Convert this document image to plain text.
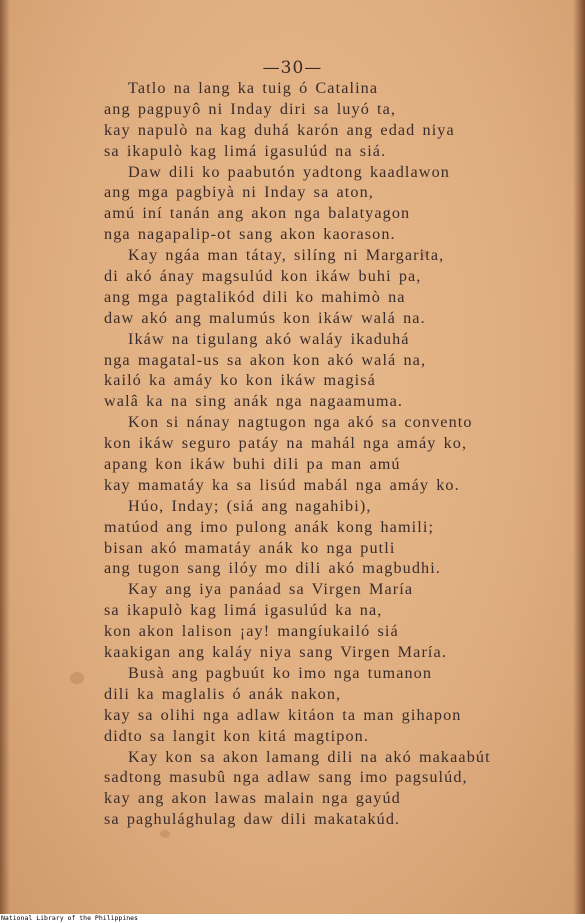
—30—
Tatlo na lang ka tuig ó Catalina
ang pagpuyô ni Inday diri sa luyó ta,
kay napulò na kag duhá karón ang edad niya
sa ikapulò kag limá igasulúd na siá.
Daw dili ko paabutón yadtong kaadlawon
ang mga pagbiyà ni Inday sa aton,
amú iní tanán ang akon nga balatyagon
nga nagapalip-ot sang akon kaorason.
Kay ngáa man tátay, silíng ni Margarita,
di akó ánay magsulúd kon ikáw buhi pa,
ang mga pagtalikód dili ko mahimò na
daw akó ang malumús kon ikáw walá na.
Ikáw na tigulang akó waláy ikaduhá
nga magatal-us sa akon kon akó walá na,
kailó ka amáy ko kon ikáw magisá
walâ ka na sing anák nga nagaamuma.
Kon si nánay nagtugon nga akó sa convento
kon ikáw seguro patáy na mahál nga amáy ko,
apang kon ikáw buhi dili pa man amú
kay mamatáy ka sa lisúd mabál nga amáy ko.
Húo, Inday; (siá ang nagahibi),
matúod ang imo pulong anák kong hamili;
bisan akó mamatáy anák ko nga putli
ang tugon sang ilóy mo dili akó magbudhi.
Kay ang iya panáad sa Virgen María
sa ikapulò kag limá igasulúd ka na,
kon akon lalison ¡ay! mangíukailó siá
kaakigan ang kaláy niya sang Virgen María.
Busà ang pagbuút ko imo nga tumanon
dili ka maglalis ó anák nakon,
kay sa olihi nga adlaw kitáon ta man gihapon
didto sa langit kon kitá magtipon.
Kay kon sa akon lamang dili na akó makaabút
sadtong masubû nga adlaw sang imo pagsulúd,
kay ang akon lawas malain nga gayúd
sa paghulághulag daw dili makatakúd.
National Library of the Philippines
